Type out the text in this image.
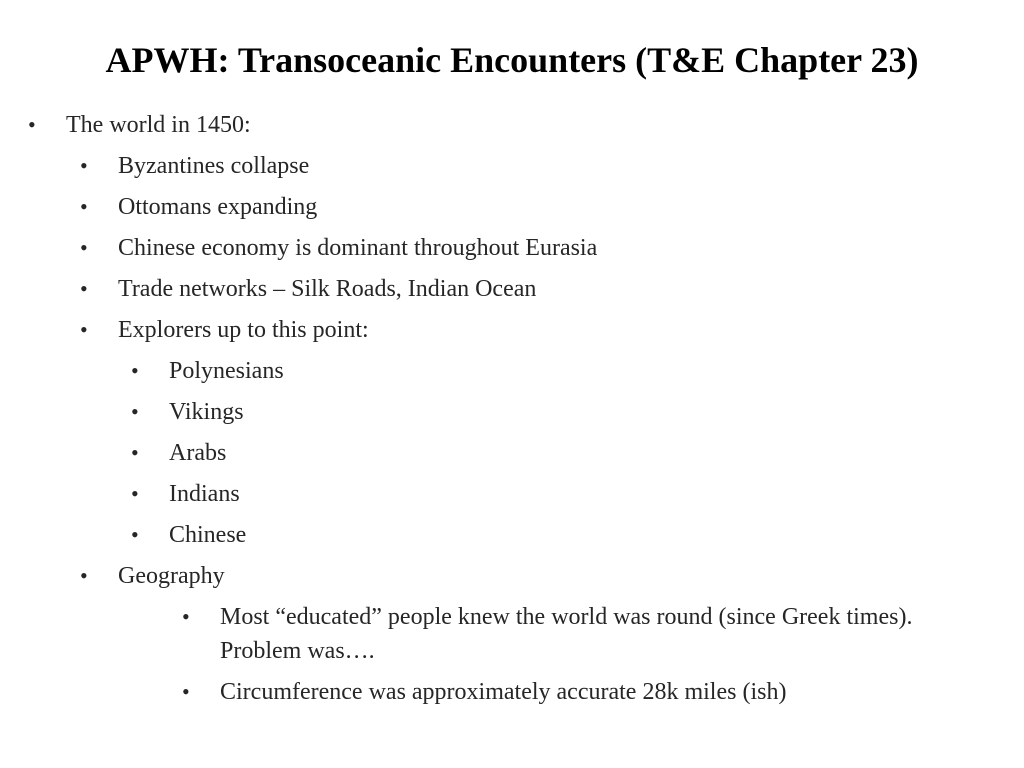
APWH: Transoceanic Encounters (T&E Chapter 23)
• The world in 1450:
• Byzantines collapse
• Ottomans expanding
• Chinese economy is dominant throughout Eurasia
• Trade networks – Silk Roads, Indian Ocean
• Explorers up to this point:
• Polynesians
• Vikings
• Arabs
• Indians
• Chinese
• Geography
• Most “educated” people knew the world was round (since Greek times). Problem was….
• Circumference was approximately accurate 28k miles (ish)
